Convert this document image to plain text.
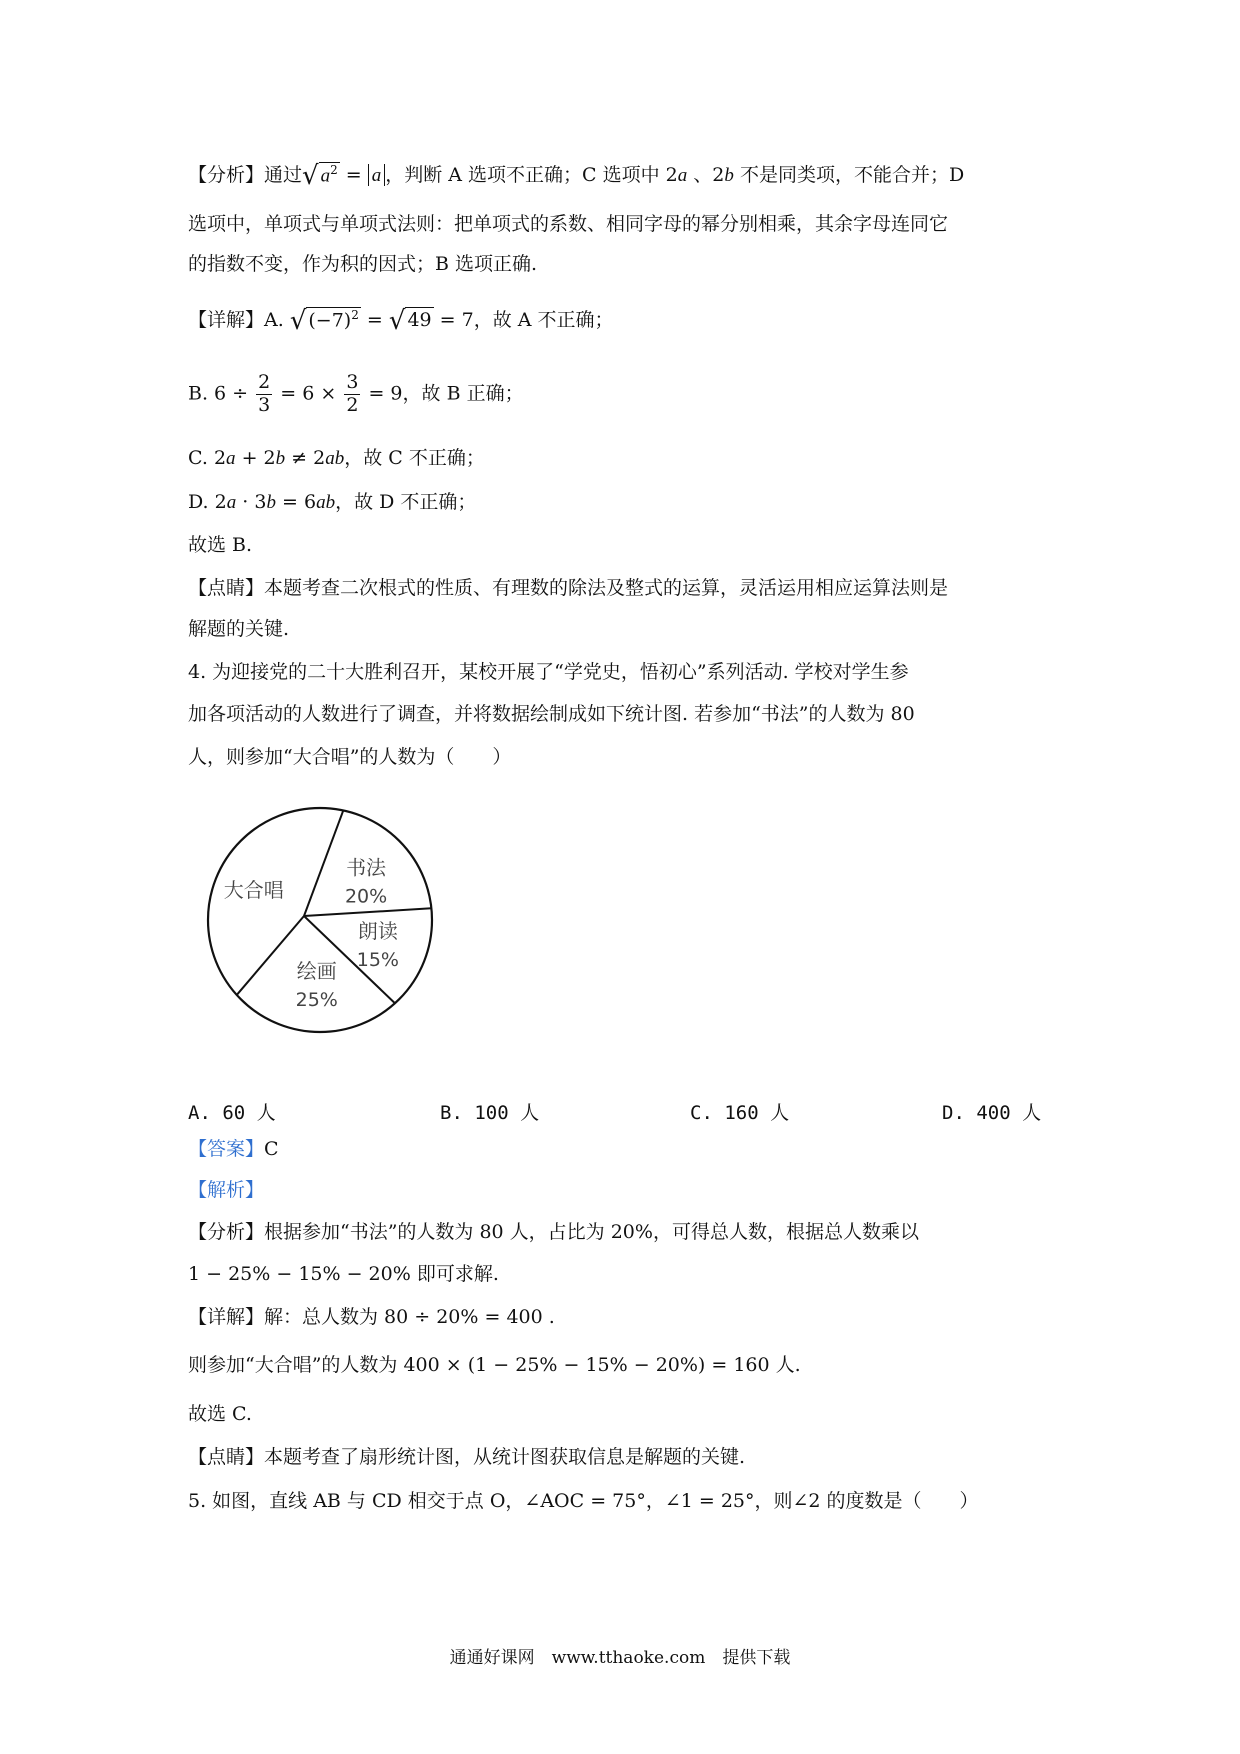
【分析】通过√ $a^2 = a$ ，判断 A 选项不正确；C 选项中 2a 、2b 不是同类项，不能合并；D
选项中，单项式与单项式法则：把单项式的系数、相同字母的幂分别相乘，其余字母连同它
的指数不变，作为积的因式；B 选项正确.
【详解】A. √ $(-7)^2$ = √ 49 = 7，故 A 不正确；
B. $6 \div \frac{2}{3} = 6 \times \frac{3}{2} = 9$，故 B 正确；
C. 2a + 2b ≠ 2ab，故 C 不正确；
D. 2a · 3b = 6ab，故 D 不正确；
故选 B.
【点睛】本题考查二次根式的性质、有理数的除法及整式的运算，灵活运用相应运算法则是
解题的关键.
4. 为迎接党的二十大胜利召开，某校开展了“学党史，悟初心”系列活动. 学校对学生参
加各项活动的人数进行了调查，并将数据绘制成如下统计图. 若参加“书法”的人数为 80
人，则参加“大合唱”的人数为（　　）
书法
20%
朗读
15%
绘画
25%
大合唱
A. 60 人	B. 100 人	C. 160 人	D. 400 人
【答案】C
【解析】
【分析】根据参加“书法”的人数为 80 人，占比为 20%，可得总人数，根据总人数乘以
1 − 25% − 15% − 20% 即可求解.
【详解】解：总人数为 80 ÷ 20% = 400 .
则参加“大合唱”的人数为 400 × (1 − 25% − 15% − 20%) = 160 人.
故选 C.
【点睛】本题考查了扇形统计图，从统计图获取信息是解题的关键.
5. 如图，直线 AB 与 CD 相交于点 O，∠AOC = 75°，∠1 = 25°，则∠2 的度数是（　　）
通通好课网　www.tthaoke.com　提供下载
